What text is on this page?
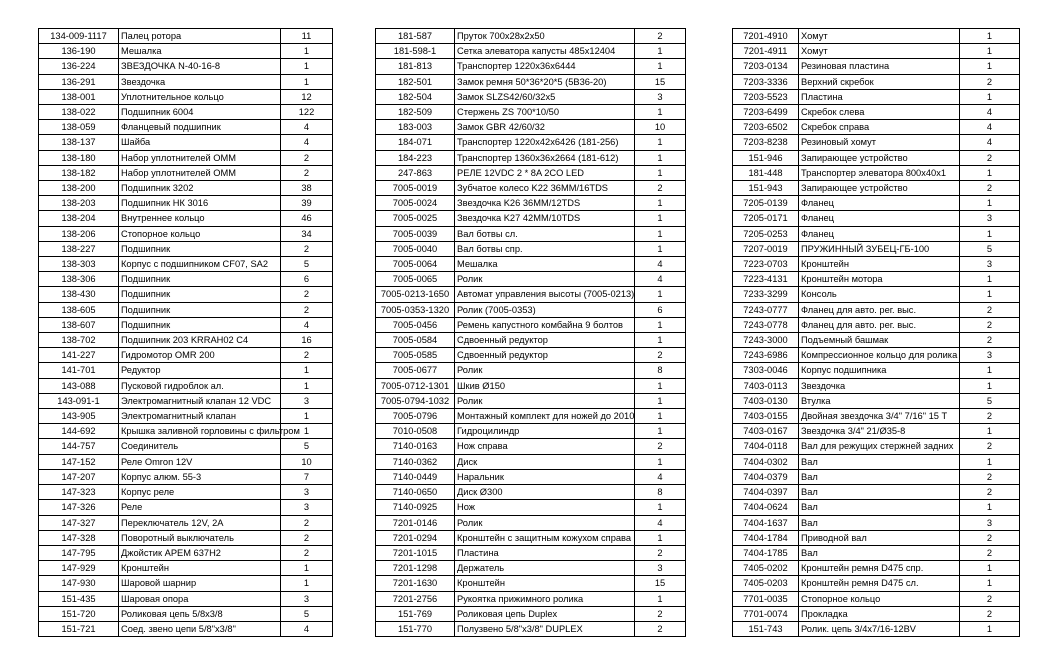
134-009-1117	Палец ротора	11
136-190	Мешалка	1
136-224	ЗВЕЗДОЧКА N-40-16-8	1
136-291	Звездочка	1
138-001	Уплотнительное кольцо	12
138-022	Подшипник 6004	122
138-059	Фланцевый подшипник	4
138-137	Шайба	4
138-180	Набор уплотнителей OMM	2
138-182	Набор уплотнителей OMM	2
138-200	Подшипник 3202	38
138-203	Подшипник НК 3016	39
138-204	Внутреннее кольцо	46
138-206	Стопорное кольцо	34
138-227	Подшипник	2
138-303	Корпус с подшипником CF07, SA2	5
138-306	Подшипник	6
138-430	Подшипник	2
138-605	Подшипник	2
138-607	Подшипник	4
138-702	Подшипник 203 KRRAH02 C4	16
141-227	Гидромотор OMR 200	2
141-701	Редуктор	1
143-088	Пусковой гидроблок ал.	1
143-091-1	Электромагнитный клапан 12 VDC	3
143-905	Электромагнитный клапан	1
144-692	Крышка заливной горловины с фильтром	1
144-757	Соединитель	5
147-152	Реле Omron 12V	10
147-207	Корпус алюм. 55-3	7
147-323	Корпус реле	3
147-326	Реле	3
147-327	Переключатель 12V, 2A	2
147-328	Поворотный выключатель	2
147-795	Джойстик APEM 637H2	2
147-929	Кронштейн	1
147-930	Шаровой шарнир	1
151-435	Шаровая опора	3
151-720	Роликовая цепь 5/8x3/8	5
151-721	Соед. звено цепи 5/8"x3/8"	4
181-587	Пруток 700x28x2x50	2
181-598-1	Сетка элеватора капусты 485x12404	1
181-813	Транспортер 1220x36x6444	1
182-501	Замок ремня 50*36*20*5 (5B36-20)	15
182-504	Замок SLZS42/60/32x5	3
182-509	Стержень ZS 700*10/50	1
183-003	Замок GBR 42/60/32	10
184-071	Транспортер 1220x42x6426 (181-256)	1
184-223	Транспортер 1360x36x2664 (181-612)	1
247-863	РЕЛЕ 12VDC 2 * 8A 2CO LED	1
7005-0019	Зубчатое колесо K22 36MM/16TDS	2
7005-0024	Звездочка K26 36MM/12TDS	1
7005-0025	Звездочка K27 42MM/10TDS	1
7005-0039	Вал ботвы сл.	1
7005-0040	Вал ботвы спр.	1
7005-0064	Мешалка	4
7005-0065	Ролик	4
7005-0213-1650	Автомат управления высоты (7005-0213)	1
7005-0353-1320	Ролик (7005-0353)	6
7005-0456	Ремень капустного комбайна 9 болтов	1
7005-0584	Сдвоенный редуктор	1
7005-0585	Сдвоенный редуктор	2
7005-0677	Ролик	8
7005-0712-1301	Шкив Ø150	1
7005-0794-1032	Ролик	1
7005-0796	Монтажный комплект для ножей до 2010	1
7010-0508	Гидроцилиндр	1
7140-0163	Нож справа	2
7140-0362	Диск	1
7140-0449	Наральник	4
7140-0650	Диск Ø300	8
7140-0925	Нож	1
7201-0146	Ролик	4
7201-0294	Кронштейн с защитным кожухом справа	1
7201-1015	Пластина	2
7201-1298	Держатель	3
7201-1630	Кронштейн	15
7201-2756	Рукоятка прижимного ролика	1
151-769	Роликовая цепь Duplex	2
151-770	Полузвено 5/8"x3/8" DUPLEX	2
7201-4910	Хомут	1
7201-4911	Хомут	1
7203-0134	Резиновая пластина	1
7203-3336	Верхний скребок	2
7203-5523	Пластина	1
7203-6499	Скребок слева	4
7203-6502	Скребок справа	4
7203-8238	Резиновый хомут	4
151-946	Запирающее устройство	2
181-448	Транспортер элеватора 800x40x1	1
151-943	Запирающее устройство	2
7205-0139	Фланец	1
7205-0171	Фланец	3
7205-0253	Фланец	1
7207-0019	ПРУЖИННЫЙ ЗУБЕЦ-ГБ-100	5
7223-0703	Кронштейн	3
7223-4131	Кронштейн мотора	1
7233-3299	Консоль	1
7243-0777	Фланец для авто. рег. выс.	2
7243-0778	Фланец для авто. рег. выс.	2
7243-3000	Подъемный башмак	2
7243-6986	Компрессионное кольцо для ролика	3
7303-0046	Корпус подшипника	1
7403-0113	Звездочка	1
7403-0130	Втулка	5
7403-0155	Двойная звездочка 3/4" 7/16" 15 Т	2
7403-0167	Звездочка 3/4" 21/Ø35-8	1
7404-0118	Вал для режущих стержней задних	2
7404-0302	Вал	1
7404-0379	Вал	2
7404-0397	Вал	2
7404-0624	Вал	1
7404-1637	Вал	3
7404-1784	Приводной вал	2
7404-1785	Вал	2
7405-0202	Кронштейн ремня D475 спр.	1
7405-0203	Кронштейн ремня D475 сл.	1
7701-0035	Стопорное кольцо	2
7701-0074	Прокладка	2
151-743	Ролик. цепь 3/4x7/16-12BV	1
